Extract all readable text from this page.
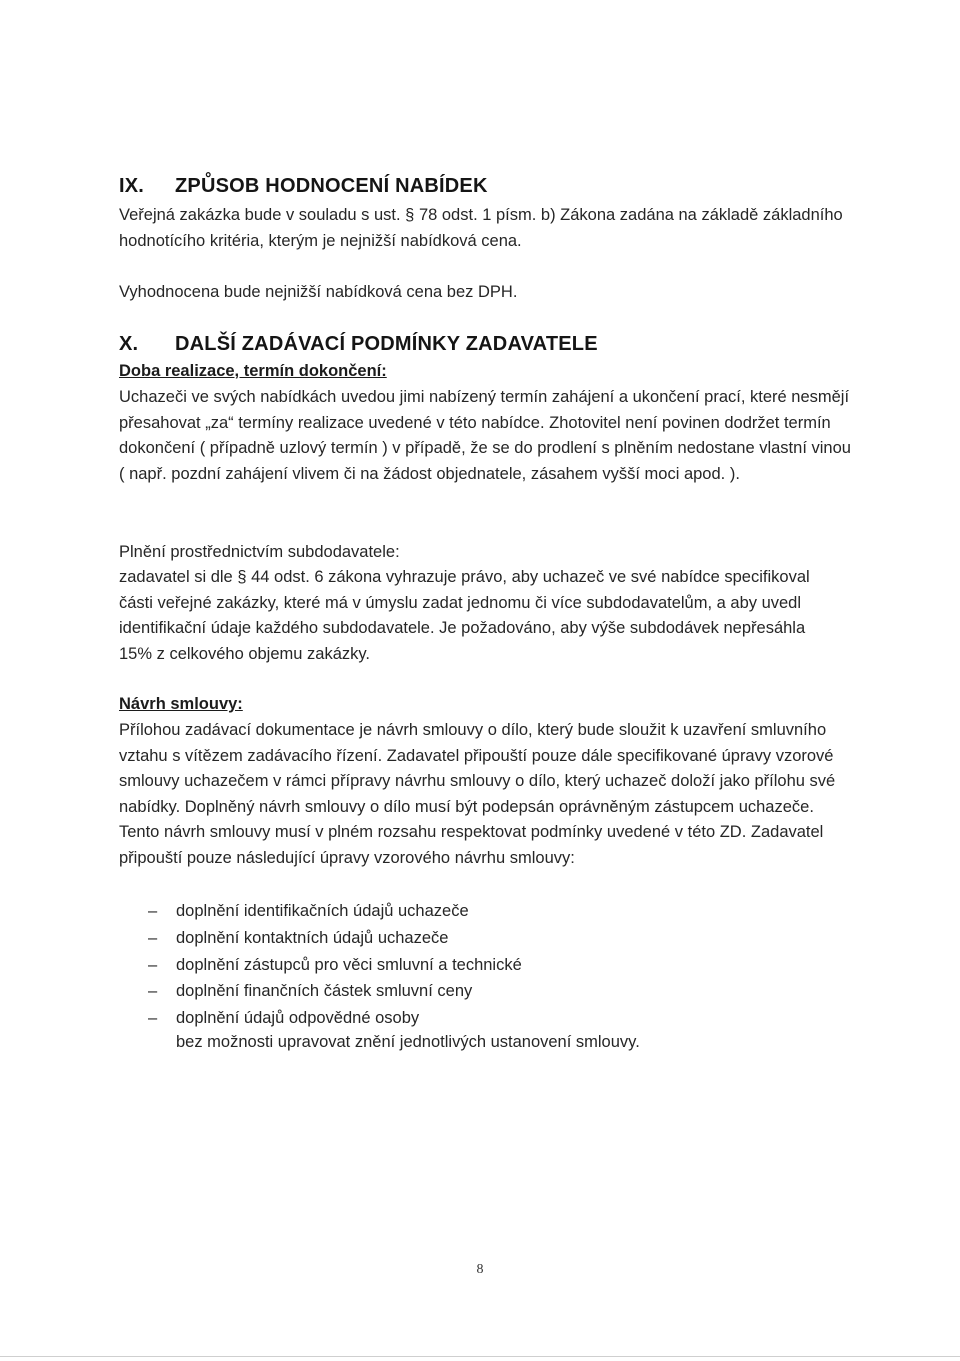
IX. ZPŮSOB HODNOCENÍ NABÍDEK
Veřejná zakázka bude v souladu s ust. § 78 odst. 1 písm. b) Zákona zadána na základě základního hodnotícího kritéria, kterým je nejnižší nabídková cena.
Vyhodnocena bude nejnižší nabídková cena bez DPH.
X. DALŠÍ ZADÁVACÍ PODMÍNKY ZADAVATELE
Doba realizace, termín dokončení:
Uchazeči ve svých nabídkách uvedou jimi nabízený termín zahájení a ukončení prací, které nesmějí přesahovat „za“ termíny realizace uvedené v této nabídce. Zhotovitel není povinen dodržet termín dokončení ( případně uzlový termín ) v případě, že se do prodlení s plněním nedostane vlastní vinou ( např. pozdní zahájení vlivem či na žádost objednatele, zásahem vyšší moci apod. ).
Plnění prostřednictvím subdodavatele:
zadavatel si dle § 44 odst. 6 zákona vyhrazuje právo, aby uchazeč ve své nabídce specifikoval části veřejné zakázky, které má v úmyslu zadat jednomu či více subdodavatelům, a aby uvedl identifikační údaje každého subdodavatele. Je požadováno, aby výše subdodávek nepřesáhla 15% z celkového objemu zakázky.
Návrh smlouvy:
Přílohou zadávací dokumentace je návrh smlouvy o dílo, který bude sloužit k uzavření smluvního vztahu s vítězem zadávacího řízení. Zadavatel připouští pouze dále specifikované úpravy vzorové smlouvy uchazečem v rámci přípravy návrhu smlouvy o dílo, který uchazeč doloží jako přílohu své nabídky. Doplněný návrh smlouvy o dílo musí být podepsán oprávněným zástupcem uchazeče. Tento návrh smlouvy musí v plném rozsahu respektovat podmínky uvedené v této ZD. Zadavatel připouští pouze následující úpravy vzorového návrhu smlouvy:
– doplnění identifikačních údajů uchazeče
– doplnění kontaktních údajů uchazeče
– doplnění zástupců pro věci smluvní a technické
– doplnění finančních částek smluvní ceny
– doplnění údajů odpovědné osoby
bez možnosti upravovat znění jednotlivých ustanovení smlouvy.
8
